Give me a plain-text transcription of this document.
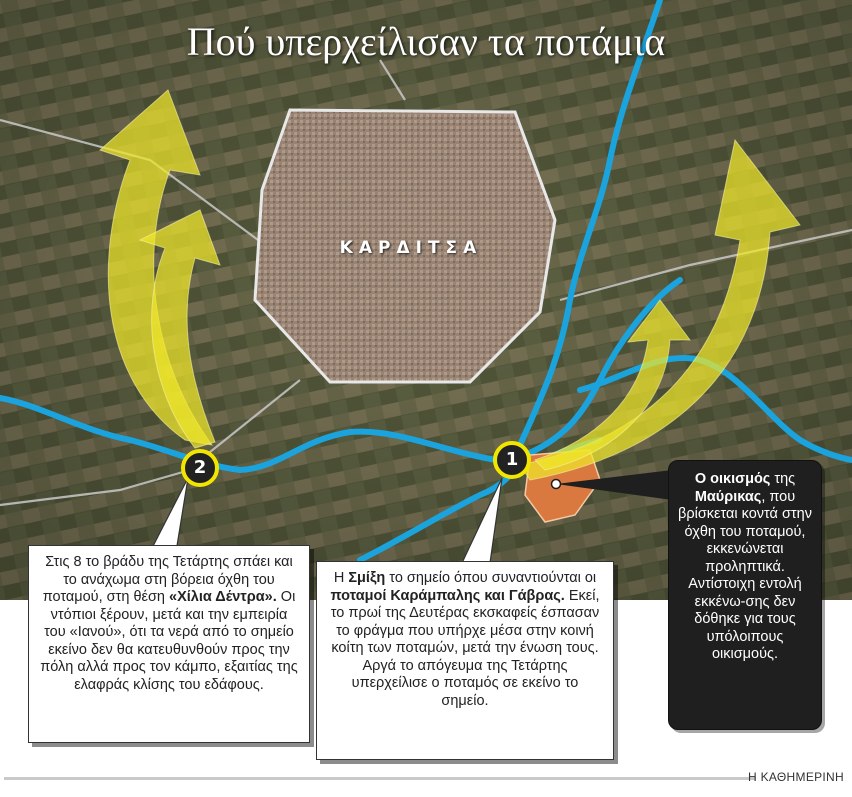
Πού υπερχείλισαν τα ποτάμια
ΚΑΡΔΙΤΣΑ
1
2
Στις 8 το βράδυ της Τετάρτης σπάει και το ανάχωμα στη βόρεια όχθη του ποταμού, στη θέση «Χίλια Δέντρα». Οι ντόπιοι ξέρουν, μετά και την εμπειρία του «Ιανού», ότι τα νερά από το σημείο εκείνο δεν θα κατευθυνθούν προς την πόλη αλλά προς τον κάμπο, εξαιτίας της ελαφράς κλίσης του εδάφους.
Η Σμίξη το σημείο όπου συναντιούνται οι ποταμοί Καράμπαλης και Γάβρας. Εκεί, το πρωί της Δευτέρας εκσκαφείς έσπασαν το φράγμα που υπήρχε μέσα στην κοινή κοίτη των ποταμών, μετά την ένωση τους. Αργά το απόγευμα της Τετάρτης υπερχείλισε ο ποταμός σε εκείνο το σημείο.
Ο οικισμός της Μαύρικας, που βρίσκεται κοντά στην όχθη του ποταμού, εκκενώνεται προληπτικά. Αντίστοιχη εντολή εκκένω-σης δεν δόθηκε για τους υπόλοιπους οικισμούς.
Η ΚΑΘΗΜΕΡΙΝΗ
